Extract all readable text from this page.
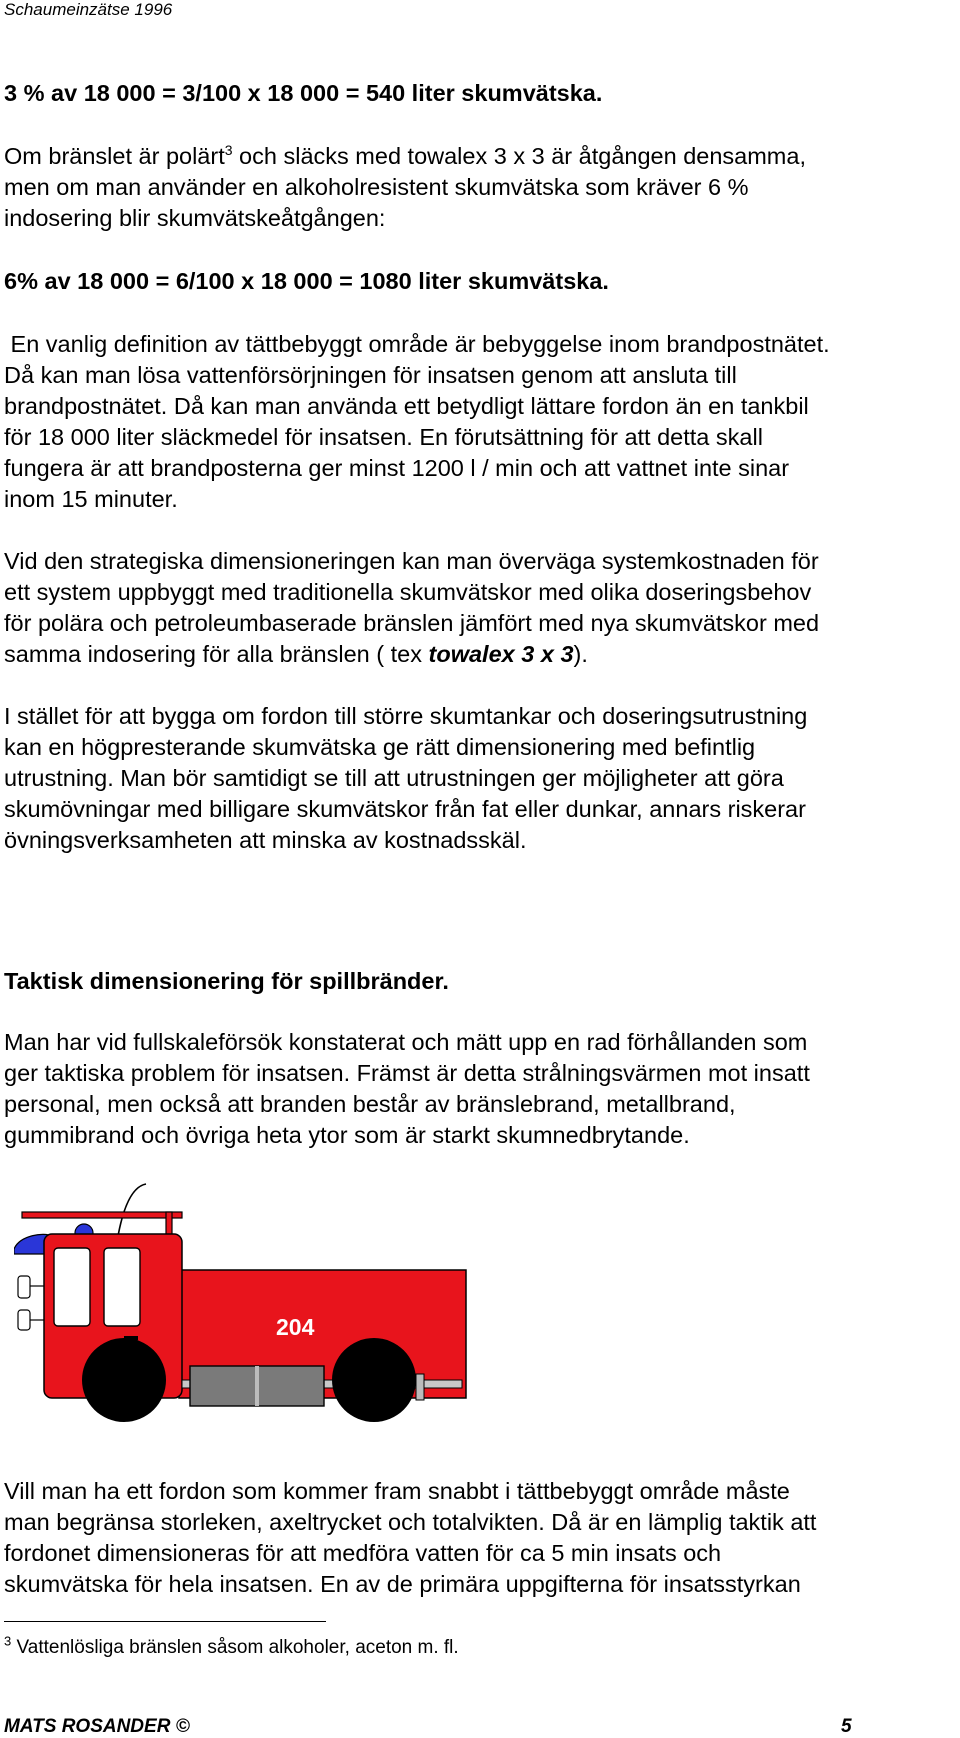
Schaumeinzätse 1996

3 % av 18 000 = 3/100 x 18 000 = 540 liter skumvätska.

Om bränslet är polärt$^3$ och släcks med towalex 3 x 3 är åtgången densamma,
men om man använder en alkoholresistent skumvätska som kräver 6 %
indosering blir skumvätskeåtgången:

6% av 18 000 = 6/100 x 18 000 = 1080 liter skumvätska.

En vanlig definition av tättbebyggt område är bebyggelse inom brandpostnätet.
Då kan man lösa vattenförsörjningen för insatsen genom att ansluta till
brandpostnätet. Då kan man använda ett betydligt lättare fordon än en tankbil
för 18 000 liter släckmedel för insatsen. En förutsättning för att detta skall
fungera är att brandposterna ger minst 1200 l / min och att vattnet inte sinar
inom 15 minuter.

Vid den strategiska dimensioneringen kan man överväga systemkostnaden för
ett system uppbyggt med traditionella skumvätskor med olika doseringsbehov
för polära och petroleumbaserade bränslen jämfört med nya skumvätskor med
samma indosering för alla bränslen ( tex towalex 3 x 3).

I stället för att bygga om fordon till större skumtankar och doseringsutrustning
kan en högpresterande skumvätska ge rätt dimensionering med befintlig
utrustning. Man bör samtidigt se till att utrustningen ger möjligheter att göra
skumövningar med billigare skumvätskor från fat eller dunkar, annars riskerar
övningsverksamheten att minska av kostnadsskäl.

Taktisk dimensionering för spillbränder.

Man har vid fullskaleförsök konstaterat och mätt upp en rad förhållanden som
ger taktiska problem för insatsen. Främst är detta strålningsvärmen mot insatt
personal, men också att branden består av bränslebrand, metallbrand,
gummibrand och övriga heta ytor som är starkt skumnedbrytande.

204

Vill man ha ett fordon som kommer fram snabbt i tättbebyggt område måste
man begränsa storleken, axeltrycket och totalvikten. Då är en lämplig taktik att
fordonet dimensioneras för att medföra vatten för ca 5 min insats och
skumvätska för hela insatsen. En av de primära uppgifterna för insatsstyrkan

$^3$ Vattenlösliga bränslen såsom alkoholer, aceton m. fl.
MATS ROSANDER ©	5
